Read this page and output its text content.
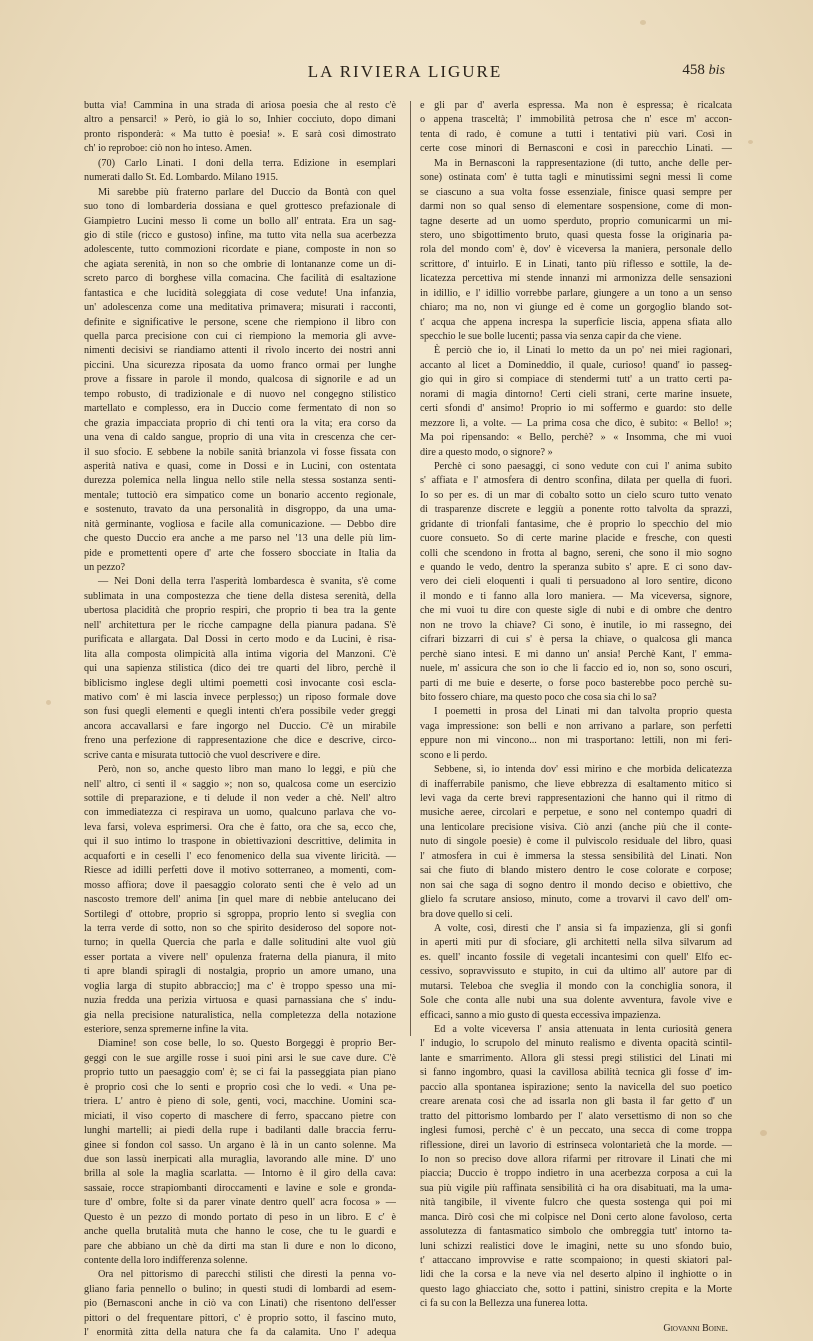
LA RIVIERA LIGURE	458 bis
butta via! Cammina in una strada di ariosa poesia che al resto c'è
altro a pensarci! » Però, io già lo so, Inhier cocciuto, dopo dimani
pronto risponderà: « Ma tutto è poesia! ». E sarà così dimostrato
ch' io reproboe: ciò non ho inteso. Amen.
(70) Carlo Linati. I doni della terra. Edizione in esemplari
numerati dallo St. Ed. Lombardo. Milano 1915.
Mi sarebbe più fraterno parlare del Duccio da Bontà con quel
suo tono di lombarderia dossiana e quel grottesco prefazionale di
Giampietro Lucini messo lì come un bollo all' entrata. Era un sag-
gio di stile (ricco e gustoso) infine, ma tutto vita nella sua acerbezza
adolescente, tutto commozioni ricordate e piane, composte in non so
che agiata serenità, in non so che ombrie di lontananze come un di-
screto parco di borghese villa comacina. Che facilità di esaltazione
fantastica e che lucidità soleggiata di cose vedute! Una infanzia,
un' adolescenza come una meditativa primavera; misurati i racconti,
definite e significative le persone, scene che riempiono il libro con
quella parca precisione con cui ci riempiono la memoria gli avve-
nimenti decisivi se riandiamo attenti il rivolo incerto dei nostri anni
piccini. Una sicurezza riposata da uomo franco ormai per lunghe
prove a fissare in parole il mondo, qualcosa di signorile e ad un
tempo robusto, di tradizionale e di nuovo nel congegno stilistico
martellato e complesso, era in Duccio come fermentato di non so
che grazia impacciata proprio di chi tenti ora la vita; era corso da
una vena di caldo sangue, proprio di una vita in crescenza che cer-
il suo sfocio. E sebbene la nobile sanità brianzola vi fosse fissata con
asperità nativa e quasi, come in Dossi e in Lucini, con ostentata
durezza polemica nella lingua nello stile nella stessa sostanza senti-
mentale; tuttociò era simpatico come un bonario accento regionale,
e sostenuto, travato da una personalità in disgroppo, da una uma-
nità germinante, vogliosa e facile alla comunicazione. — Debbo dire
che questo Duccio era anche a me parso nel '13 una delle più lim-
pide e promettenti opere d' arte che fossero sbocciate in Italia da
un pezzo?
— Nei Doni della terra l'asperità lombardesca è svanita, s'è come
sublimata in una compostezza che tiene della distesa serenità, della
ubertosa placidità che proprio respiri, che proprio ti bea tra la gente
nell' architettura per le ricche campagne della pianura padana. S'è
purificata e allargata. Dal Dossi in certo modo e da Lucini, è risa-
lita alla composta olimpicità alla intima vigoria del Manzoni. C'è
qui una sapienza stilistica (dico dei tre quarti del libro, perchè il
biblicismo inglese degli ultimi poemetti così invocante così escla-
mativo com' è mi lascia invece perplesso;) un riposo formale dove
son fusi quegli elementi e quegli intenti ch'era possibile veder greggi
ancora accavallarsi e fare ingorgo nel Duccio. C'è un mirabile
freno una perfezione di rappresentazione che dice e descrive, circo-
scrive canta e misurata tuttociò che vuol descrivere e dire.
Però, non so, anche questo libro man mano lo leggi, e più che
nell' altro, ci senti il « saggio »; non so, qualcosa come un esercizio
sottile di preparazione, e ti delude il non veder a chè. Nell' altro
con immediatezza ci respirava un uomo, qualcuno parlava che vo-
leva farsi, voleva esprimersi. Ora che è fatto, ora che sa, ecco che,
qui il suo intimo lo traspone in obiettivazioni descrittive, delimita in
acquaforti e in ceselli l' eco fenomenico della sua vivente liricità. —
Riesce ad idilli perfetti dove il motivo sotterraneo, a momenti, com-
mosso affiora; dove il paesaggio colorato senti che è velo ad un
nascosto tremore dell' anima [in quel mare di nebbie antelucano dei
Sortilegi d' ottobre, proprio si sgroppa, proprio lento si sveglia con
la terra verde di sotto, non so che spirito desideroso del sopore not-
turno; in quella Quercia che parla e dalle solitudini alte vuol giù
esser portata a vivere nell' opulenza fraterna della pianura, il mito
ti apre blandi spiragli di nostalgia, proprio un amore umano, una
voglia larga di stupito abbraccio;] ma c' è troppo spesso una mi-
nuzia fredda una perizia virtuosa e quasi parnassiana che s' indu-
gia nella precisione naturalistica, nella completezza della notazione
esteriore, senza spremerne infine la vita.
Diamine! son cose belle, lo so. Questo Borgeggi è proprio Ber-
geggi con le sue argille rosse i suoi pini arsi le sue cave dure. C'è
proprio tutto un paesaggio com' è; se ci fai la passeggiata pian piano
è proprio così che lo senti e proprio così che lo vedi. « Una pe-
triera. L' antro è pieno di sole, genti, voci, macchine. Uomini sca-
miciati, il viso coperto di maschere di ferro, spaccano pietre con
lunghi martelli; ai piedi della rupe i badilanti dalle braccia ferru-
ginee si fondon col sasso. Un argano è là in un canto solenne. Ma
due son lassù inerpicati alla muraglia, lavorando alle mine. D' uno
brilla al sole la maglia scarlatta. — Intorno è il giro della cava:
sassaie, rocce strapiombanti diroccamenti e lavine e sole e gronda-
ture d' ombre, folte sì da parer vinate dentro quell' acra focosa » —
Questo è un pezzo di mondo portato di peso in un libro. E c' è
anche quella brutalità muta che hanno le cose, che tu le guardi e
pare che abbiano un chè da dirti ma stan lì dure e non lo dicono,
contente della loro indifferenza solenne.
Ora nel pittorismo di parecchi stilisti che diresti la penna vo-
gliano faria pennello o bulino; in questi studi di lombardi ad esem-
pio (Bernasconi anche in ciò va con Linati) che risentono dell'esser
pittori o del frequentare pittori, c' è proprio sotto, il fascino muto,
l' enormità zitta della natura che fa da calamita. Uno l' adequa
e gli par d' averla espressa. Ma non è espressa; è ricalcata
o appena trasceltà; l' immobilità petrosa che n' esce m' accon-
tenta di rado, è comune a tutti i tentativi più vari. Così in
certe cose minori di Bernasconi e così in parecchio Linati. —
Ma in Bernasconi la rappresentazione (di tutto, anche delle per-
sone) ostinata com' è tutta tagli e minutissimi segni messi lì come
se ciascuno a sua volta fosse essenziale, finisce quasi sempre per
darmi non so qual senso di elementare sospensione, come di mon-
tagne deserte ad un uomo sperduto, proprio comunicarmi un mi-
stero, uno sbigottimento bruto, quasi questa fosse la originaria pa-
rola del mondo com' è, dov' è viceversa la maniera, personale dello
scrittore, d' intuirlo. E in Linati, tanto più riflesso e sottile, la de-
licatezza percettiva mi stende innanzi mi armonizza delle sensazioni
in idillio, e l' idillio vorrebbe parlare, giungere a un tono a un senso
chiaro; ma no, non vi giunge ed è come un gorgoglio blando sot-
t' acqua che appena increspa la superficie liscia, appena sfiata allo
specchio le sue bolle lucenti; passa via senza capir da che viene.
È perciò che io, il Linati lo metto da un po' nei miei ragionari,
accanto al licet a Domineddio, il quale, curioso! quand' io passeg-
gio qui in giro si compiace di stendermi tutt' a un tratto certi pa-
norami di magia dintorno! Certi cieli strani, certe marine insuete,
certi sfondi d' ansimo! Proprio io mi soffermo e guardo: sto delle
mezzore lì, a volte. — La prima cosa che dico, è subito: « Bello! »;
Ma poi ripensando: « Bello, perchè? » « Insomma, che mi vuoi
dire a questo modo, o signore? »
Perchè ci sono paesaggi, ci sono vedute con cui l' anima subito
s' affiata e l' atmosfera di dentro sconfina, dilata per quella di fuori.
Io so per es. di un mar di cobalto sotto un cielo scuro tutto venato
di trasparenze discrete e leggiù a ponente rotto talvolta da sprazzi,
gridante di trionfali fantasime, che è proprio lo specchio del mio
cuore consueto. So di certe marine placide e fresche, con questi
colli che scendono in frotta al bagno, sereni, che sono il mio sogno
e quando le vedo, dentro la speranza subito s' apre. E ci sono dav-
vero dei cieli eloquenti i quali ti persuadono al loro sentire, dicono
il mondo e ti fanno alla loro maniera. — Ma viceversa, signore,
che mi vuoi tu dire con queste sigle di nubi e di ombre che dentro
non ne trovo la chiave? Ci sono, è inutile, io mi rassegno, dei
cifrari bizzarri di cui s' è persa la chiave, o qualcosa gli manca
perchè siano intesi. E mi danno un' ansia! Perchè Kant, l' emma-
nuele, m' assicura che son io che li faccio ed io, non so, sono oscuri,
parti di me buie e deserte, o forse poco basterebbe poco perchè su-
bito fossero chiare, ma questo poco che cosa sia chi lo sa?
I poemetti in prosa del Linati mi dan talvolta proprio questa
vaga impressione: son belli e non arrivano a parlare, son perfetti
eppure non mi vincono... non mi trasportano: lettili, non mi feri-
scono e li perdo.
Sebbene, sì, io intenda dov' essi mirino e che morbida delicatezza
di inafferrabile panismo, che lieve ebbrezza di esaltamento mitico si
levi vaga da certe brevi rappresentazioni che hanno qui il ritmo di
musiche aeree, circolari e perpetue, e sono nel contempo quadri di
una lenticolare precisione visiva. Ciò anzi (anche più che il conte-
nuto di singole poesie) è come il pulviscolo residuale del libro, quasi
l' atmosfera in cui è immersa la stessa sensibilità del Linati. Non
sai che fiuto di blando mistero dentro le cose colorate e corpose;
non sai che saga di sogno dentro il mondo deciso e obiettivo, che
glielo fa scrutare ansioso, minuto, come a trovarvi il cavo dell' om-
bra dove quello si celi.
A volte, così, diresti che l' ansia si fa impazienza, gli si gonfi
in aperti miti pur di sfociare, gli architetti nella silva silvarum ad
es. quell' incanto fossile di vegetali incantesimi con quell' Elfo ec-
cessivo, sopravvissuto e stupito, in cui da ultimo all' autore par di
mutarsi. Teleboa che sveglia il mondo con la conchiglia sonora, il
Sole che conta alle nubi una sua dolente avventura, favole vive e
efficaci, sanno a mio gusto di questa eccessiva impazienza.
Ed a volte viceversa l' ansia attenuata in lenta curiosità genera
l' indugio, lo scrupolo del minuto realismo e diventa opacità scintil-
lante e smarrimento. Allora gli stessi pregi stilistici del Linati mi
si fanno ingombro, quasi la cavillosa abilità tecnica gli fosse d' im-
paccio alla spontanea ispirazione; sento la navicella del suo poetico
creare arenata così che ad issarla non gli basta il far getto d' un
tratto del pittorismo lombardo per l' alato versettismo di non so che
inglesi fumosi, perchè c' è un peccato, una secca di come troppa
riflessione, direi un lavorio di estrinseca volontarietà che la morde. —
Io non so preciso dove allora rifarmi per ritrovare il Linati che mi
piaccia; Duccio è troppo indietro in una acerbezza corposa a cui la
sua più vigile più raffinata sensibilità ci ha ora disabituati, ma la uma-
nità tangibile, il vivente fulcro che questa sostenga qui poi mi
manca. Dirò così che mi colpisce nel Doni certo alone favoloso, certa
assolutezza di fantasmatico simbolo che ombreggia tutt' intorno ta-
luni schizzi realistici dove le imagini, nette su uno sfondo buio,
t' attaccano improvvise e ratte scompaiono; in questi skiatori pal-
lidi che la corsa e la neve via nel deserto alpino il inghiotte o in
questo lago ghiacciato che, sotto i pattini, sinistro crepita e la Morte
ci fa su con la Bellezza una funerea lotta.
Giovanni Boine.
